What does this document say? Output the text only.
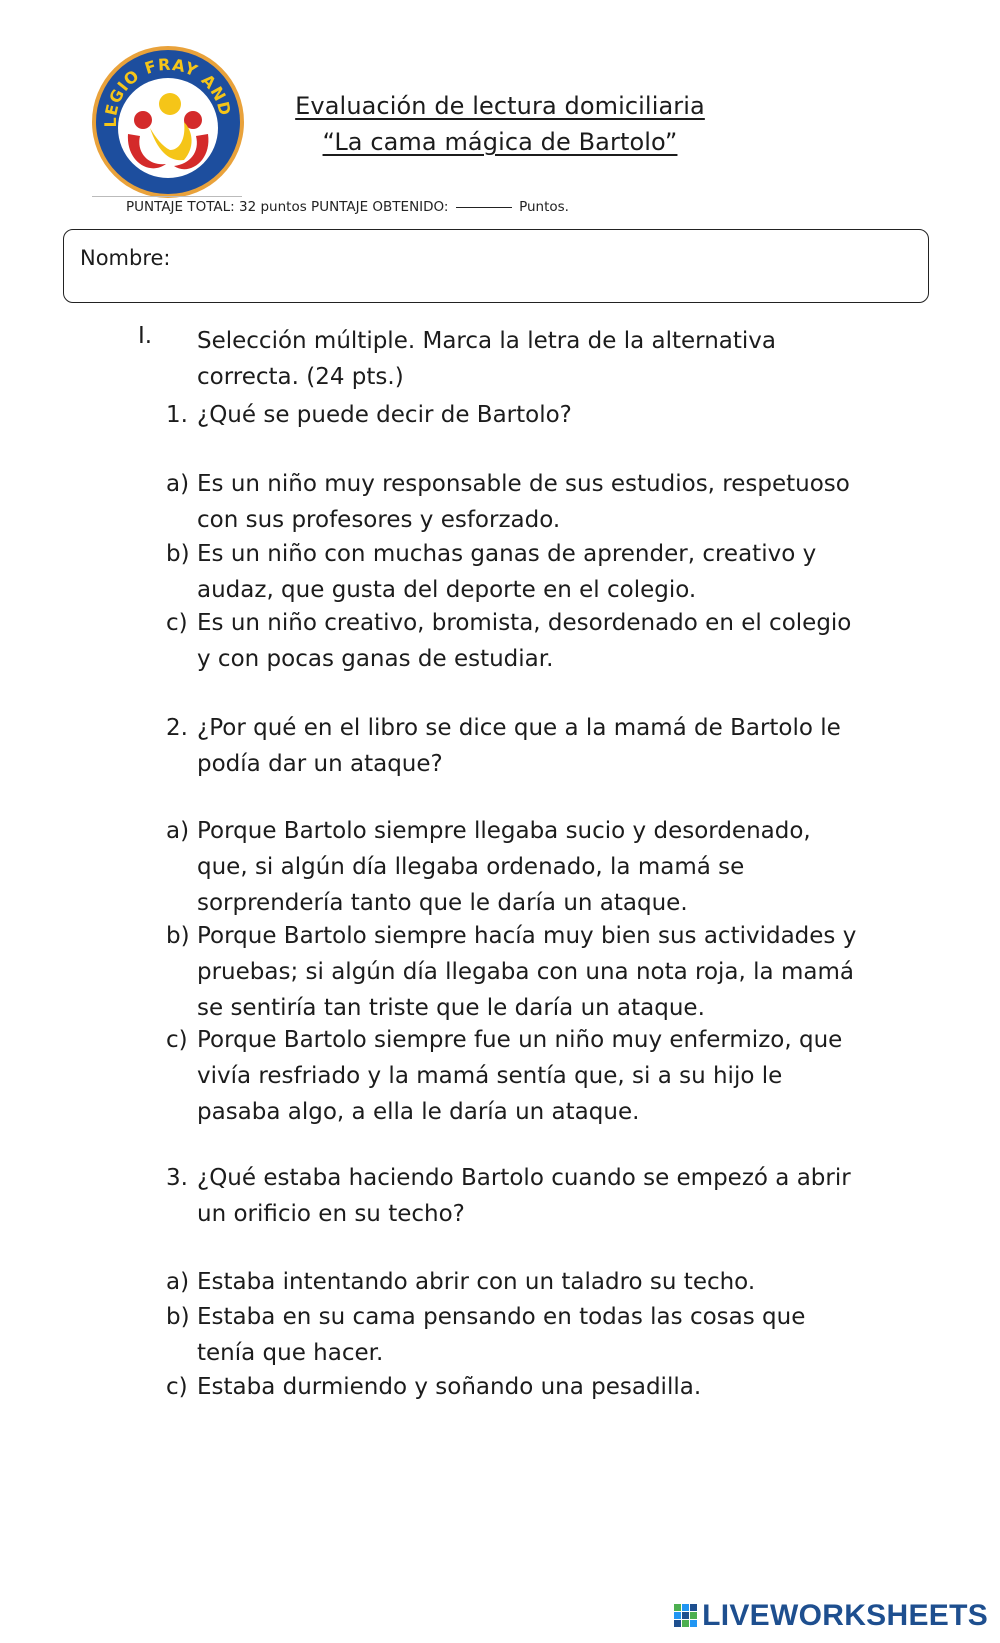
LEGIO FRAY AND	Evaluación de lectura domiciliaria
“La cama mágica de Bartolo”
PUNTAJE TOTAL: 32 puntos PUNTAJE OBTENIDO:	Puntos.
Nombre:
I. Selección múltiple. Marca la letra de la alternativa correcta. (24 pts.)
1. ¿Qué se puede decir de Bartolo?
a) Es un niño muy responsable de sus estudios, respetuoso con sus profesores y esforzado.
b) Es un niño con muchas ganas de aprender, creativo y audaz, que gusta del deporte en el colegio.
c) Es un niño creativo, bromista, desordenado en el colegio y con pocas ganas de estudiar.
2. ¿Por qué en el libro se dice que a la mamá de Bartolo le podía dar un ataque?
a) Porque Bartolo siempre llegaba sucio y desordenado, que, si algún día llegaba ordenado, la mamá se sorprendería tanto que le daría un ataque.
b) Porque Bartolo siempre hacía muy bien sus actividades y pruebas; si algún día llegaba con una nota roja, la mamá se sentiría tan triste que le daría un ataque.
c) Porque Bartolo siempre fue un niño muy enfermizo, que vivía resfriado y la mamá sentía que, si a su hijo le pasaba algo, a ella le daría un ataque.
3. ¿Qué estaba haciendo Bartolo cuando se empezó a abrir un orificio en su techo?
a) Estaba intentando abrir con un taladro su techo.
b) Estaba en su cama pensando en todas las cosas que tenía que hacer.
c) Estaba durmiendo y soñando una pesadilla.
LIVEWORKSHEETS
